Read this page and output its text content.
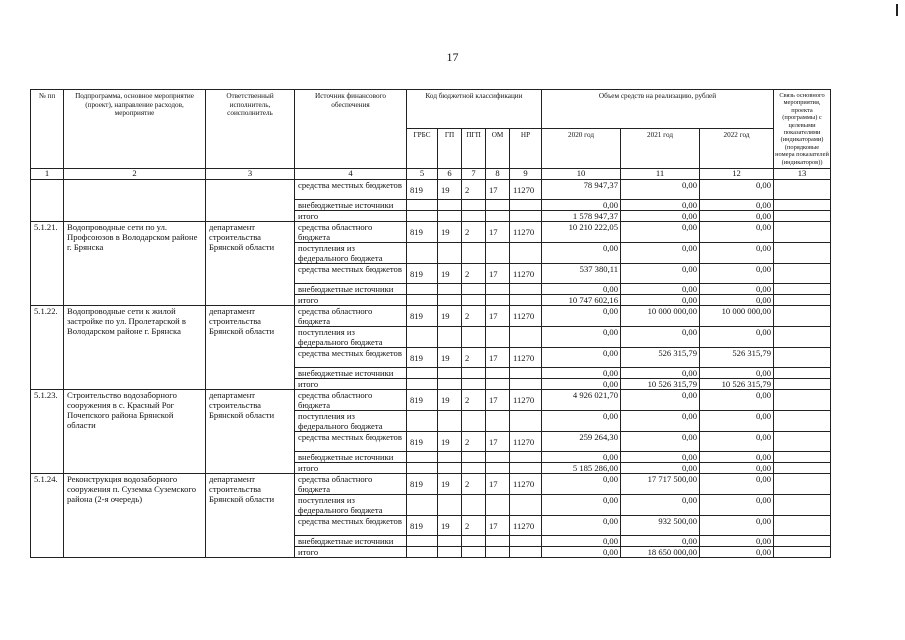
17
№ пп	Подпрограмма, основное мероприятие (проект), направление расходов, мероприятие	Ответственный исполнитель, соисполнитель	Источник финансового обеспечения	Код бюджетной классификации					Объем средств на реализацию, рублей			Связь основного мероприятия, проекта (программы) с целевыми показателями (индикаторами) (порядковые номера показателей (индикаторов))
				ГРБС	ГП	ПГП	ОМ	НР	2020 год	2021 год	2022 год	
1	2	3	4	5	6	7	8	9	10	11	12	13
			средства местных бюджетов	819	19	2	17	11270	78 947,37	0,00	0,00	
			внебюджетные источники						0,00	0,00	0,00	
			итого						1 578 947,37	0,00	0,00	
5.1.21.	Водопроводные сети по ул. Профсоюзов в Володарском районе г. Брянска	департамент строительства Брянской области	средства областного бюджета	819	19	2	17	11270	10 210 222,05	0,00	0,00	
			поступления из федерального бюджета						0,00	0,00	0,00	
			средства местных бюджетов	819	19	2	17	11270	537 380,11	0,00	0,00	
			внебюджетные источники						0,00	0,00	0,00	
			итого						10 747 602,16	0,00	0,00	
5.1.22.	Водопроводные сети к жилой застройке по ул. Пролетарской в Володарском районе г. Брянска	департамент строительства Брянской области	средства областного бюджета	819	19	2	17	11270	0,00	10 000 000,00	10 000 000,00	
			поступления из федерального бюджета						0,00	0,00	0,00	
			средства местных бюджетов	819	19	2	17	11270	0,00	526 315,79	526 315,79	
			внебюджетные источники						0,00	0,00	0,00	
			итого						0,00	10 526 315,79	10 526 315,79	
5.1.23.	Строительство водозаборного сооружения в с. Красный Рог Почепского района Брянской области	департамент строительства Брянской области	средства областного бюджета	819	19	2	17	11270	4 926 021,70	0,00	0,00	
			поступления из федерального бюджета						0,00	0,00	0,00	
			средства местных бюджетов	819	19	2	17	11270	259 264,30	0,00	0,00	
			внебюджетные источники						0,00	0,00	0,00	
			итого						5 185 286,00	0,00	0,00	
5.1.24.	Реконструкция водозаборного сооружения п. Суземка Суземского района (2-я очередь)	департамент строительства Брянской области	средства областного бюджета	819	19	2	17	11270	0,00	17 717 500,00	0,00	
			поступления из федерального бюджета						0,00	0,00	0,00	
			средства местных бюджетов	819	19	2	17	11270	0,00	932 500,00	0,00	
			внебюджетные источники						0,00	0,00	0,00	
			итого						0,00	18 650 000,00	0,00	
